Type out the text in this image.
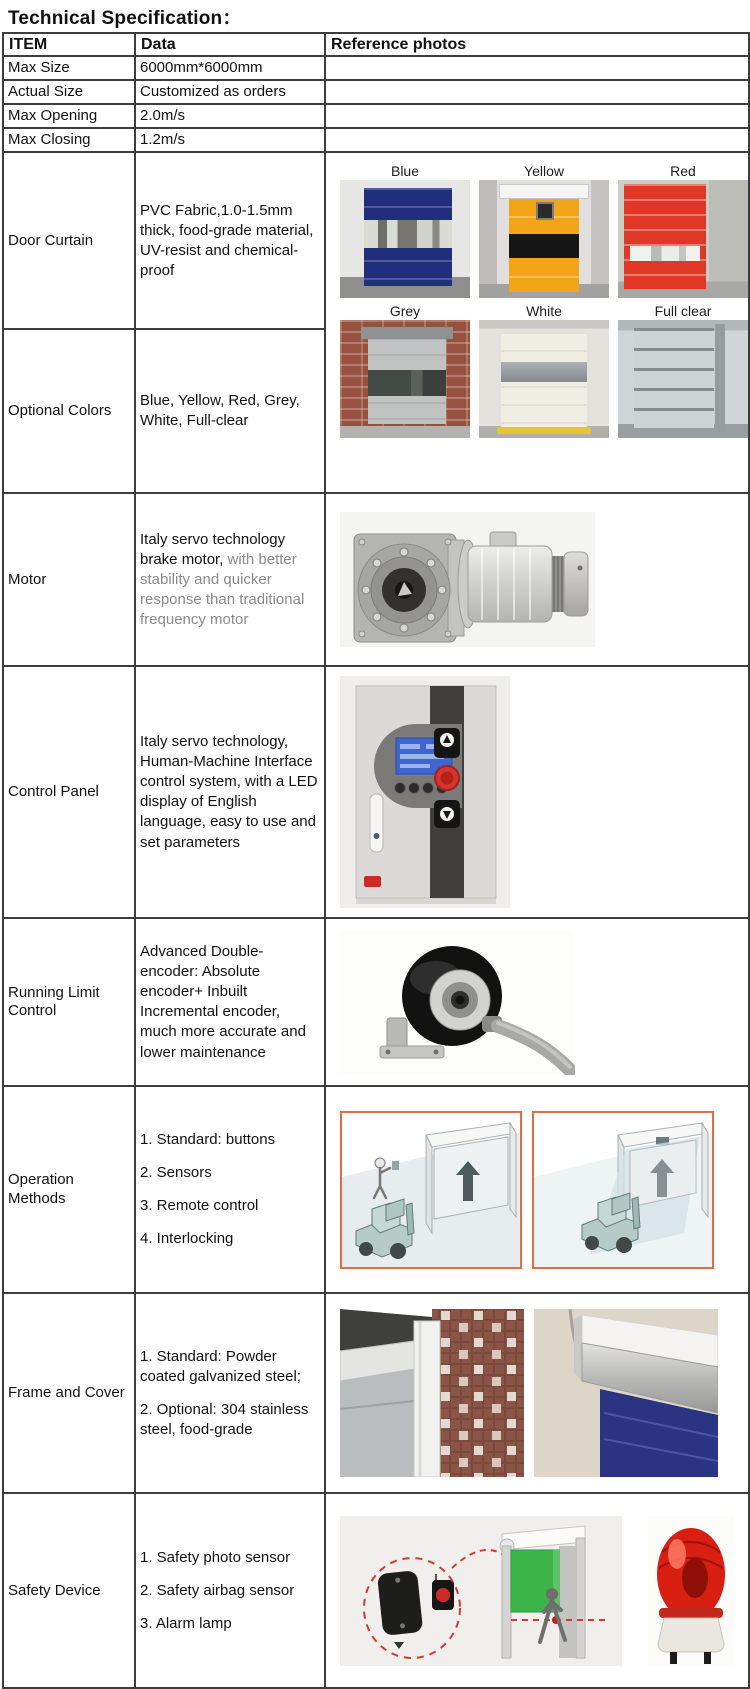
Technical Specification：
ITEM	Data	Reference photos
Max Size	6000mm*6000mm	
Actual Size	Customized as orders	
Max Opening	2.0m/s	
Max Closing	1.2m/s	
Door Curtain	PVC Fabric,1.0-1.5mm thick, food-grade material, UV-resist and chemical-proof	
Blue	Yellow	Red
Grey	White	Full clear

Optional Colors	Blue, Yellow, Red, Grey, White, Full-clear	
Motor	Italy servo technology brake motor, with better stability and quicker response than traditional frequency motor	

Control Panel	Italy servo technology, Human-Machine Interface control system, with a LED display of English language, easy to use and set parameters	

Running Limit Control	Advanced Double-encoder: Absolute encoder+ Inbuilt Incremental encoder, much more accurate and lower maintenance	

Operation Methods	1. Standard: buttons
2. Sensors
3. Remote control
4. Interlocking

Frame and Cover	1. Standard: Powder coated galvanized steel;
2. Optional: 304 stainless steel, food-grade

Safety Device	1. Safety photo sensor
2. Safety airbag sensor
3. Alarm lamp
